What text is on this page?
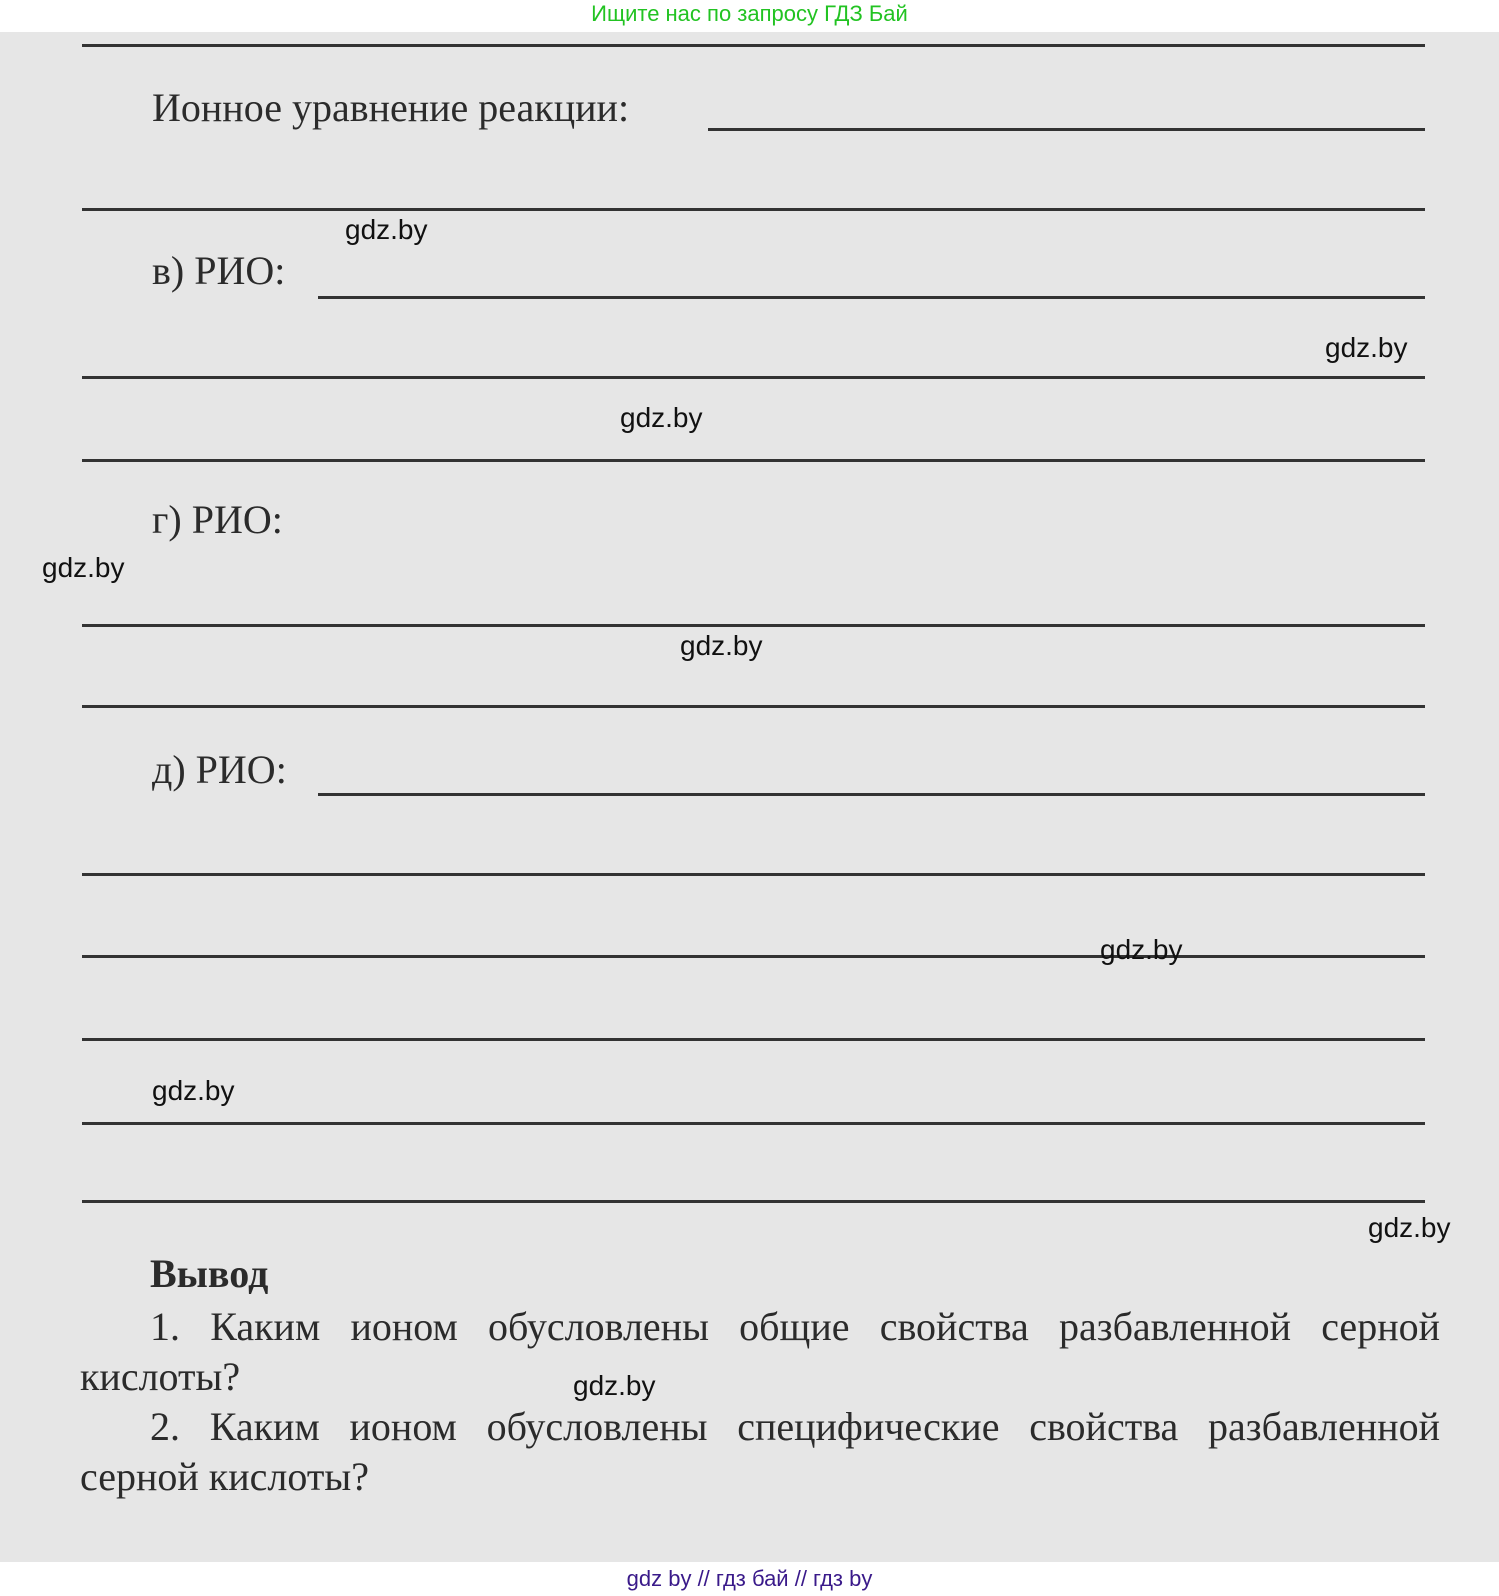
Ищите нас по запросу ГДЗ Бай
Ионное уравнение реакции:
в) РИО:
г) РИО:
д) РИО:
Вывод
1. Каким ионом обусловлены общие свойства разбавленной серной кислоты?
2. Каким ионом обусловлены специфические свойства разбавленной серной кислоты?
gdz.by
gdz.by
gdz.by
gdz.by
gdz.by
gdz.by
gdz.by
gdz.by
gdz.by
gdz by // гдз бай // гдз by
